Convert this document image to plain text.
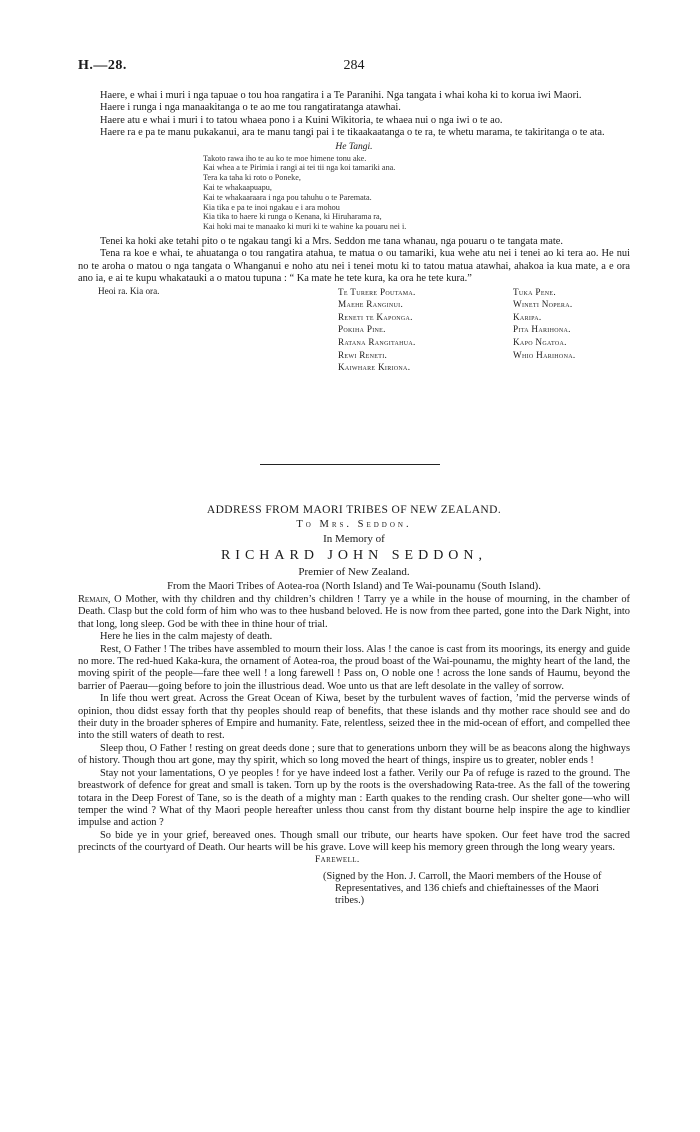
H.—28.	284

Haere, e whai i muri i nga tapuae o tou hoa rangatira i a Te Paranihi. Nga tangata i whai koha ki to korua iwi Maori.

Haere i runga i nga manaakitanga o te ao me tou rangatiratanga atawhai.

Haere atu e whai i muri i to tatou whaea pono i a Kuini Wikitoria, te whaea nui o nga iwi o te ao.

Haere ra e pa te manu pukakanui, ara te manu tangi pai i te tikaakaatanga o te ra, te whetu marama, te takiritanga o te ata.

He Tangi.
Takoto rawa iho te au ko te moe himene tonu ake.
Kai whea a te Pirimia i rangi ai tei tii nga koi tamariki ana.
Tera ka taha ki roto o Poneke,
Kai te whakaapuapu,
Kai te whakaaraara i nga pou tahuhu o te Paremata.
Kia tika e pa te inoi ngakau e i ara mohou
Kia tika to haere ki runga o Kenana, ki Hiruharama ra,
Kai hoki mai te manaako ki muri ki te wahine ka pouaru nei i.

Tenei ka hoki ake tetahi pito o te ngakau tangi ki a Mrs. Seddon me tana whanau, nga pouaru o te tangata mate.

Tena ra koe e whai, te ahuatanga o tou rangatira atahua, te matua o ou tamariki, kua wehe atu nei i tenei ao ki tera ao. He nui no te aroha o matou o nga tangata o Whanganui e noho atu nei i tenei motu ki to tatou matua atawhai, ahakoa ia kua mate, a e ora ano ia, e ai te kupu whakatauki a o matou tupuna : “ Ka mate he tete kura, ka ora he tete kura.”

Heoi ra. Kia ora.	Te Turere Poutama.
Maehe Ranginui.
Reneti te Kaponga.
Pokiha Pine.
Ratana Rangitahua.
Rewi Reneti.
Kaiwhare Kiriona.
Tuka Pene.
Wineti Nopera.
Karipa.
Pita Harihona.
Kapo Ngatoa.
Whio Harihona.

ADDRESS FROM MAORI TRIBES OF NEW ZEALAND.

To Mrs. Seddon.

In Memory of

RICHARD JOHN SEDDON,

Premier of New Zealand.

From the Maori Tribes of Aotea-roa (North Island) and Te Wai-pounamu (South Island).

Remain, O Mother, with thy children and thy children’s children ! Tarry ye a while in the house of mourning, in the chamber of Death. Clasp but the cold form of him who was to thee husband beloved. He is now from thee parted, gone into the Dark Night, into that long, long sleep. God be with thee in thine hour of trial.

Here he lies in the calm majesty of death.

Rest, O Father ! The tribes have assembled to mourn their loss. Alas ! the canoe is cast from its moorings, its energy and guide no more. The red-hued Kaka-kura, the ornament of Aotea-roa, the proud boast of the Wai-pounamu, the mighty heart of the land, the moving spirit of the people—fare thee well ! a long farewell ! Pass on, O noble one ! across the lone sands of Haumu, beyond the barrier of Paerau—going before to join the illustrious dead. Woe unto us that are left desolate in the valley of sorrow.

In life thou wert great. Across the Great Ocean of Kiwa, beset by the turbulent waves of faction, ’mid the perverse winds of opinion, thou didst essay forth that thy peoples should reap of benefits, that these islands and thy mother race should see and do their duty in the broader spheres of Empire and humanity. Fate, relentless, seized thee in the mid-ocean of effort, and compelled thee into the still waters of death to rest.

Sleep thou, O Father ! resting on great deeds done ; sure that to generations unborn they will be as beacons along the highways of history. Though thou art gone, may thy spirit, which so long moved the heart of things, inspire us to greater, nobler ends !

Stay not your lamentations, O ye peoples ! for ye have indeed lost a father. Verily our Pa of refuge is razed to the ground. The breastwork of defence for great and small is taken. Torn up by the roots is the overshadowing Rata-tree. As the fall of the towering totara in the Deep Forest of Tane, so is the death of a mighty man : Earth quakes to the rending crash. Our shelter gone—who will temper the wind ? What of thy Maori people hereafter unless thou canst from thy distant bourne help inspire the age to kindlier impulse and action ?

So bide ye in your grief, bereaved ones. Though small our tribute, our hearts have spoken. Our feet have trod the sacred precincts of the courtyard of Death. Our hearts will be his grave. Love will keep his memory green through the long weary years.

Farewell.
(Signed by the Hon. J. Carroll, the Maori members of the House of Representatives, and 136 chiefs and chieftainesses of the Maori tribes.)
